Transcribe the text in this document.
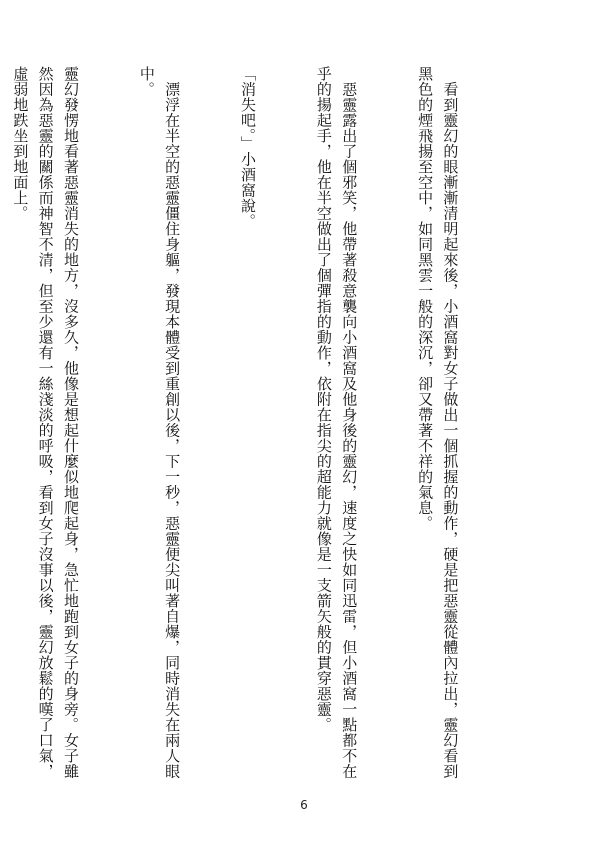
　看到靈幻的眼漸漸清明起來後，小酒窩對女子做出一個抓握的動作，硬是把惡靈從體內拉出，靈幻看到黑色的煙飛揚至空中，如同黑雲一般的深沉，卻又帶著不祥的氣息。

　惡靈露出了個邪笑，他帶著殺意襲向小酒窩及他身後的靈幻，速度之快如同迅雷，但小酒窩一點都不在乎的揚起手，他在半空做出了個彈指的動作，依附在指尖的超能力就像是一支箭矢般的貫穿惡靈。

「消失吧。」小酒窩說。

　漂浮在半空的惡靈僵住身軀，發現本體受到重創以後，下一秒，惡靈便尖叫著自爆，同時消失在兩人眼中。

靈幻發愣地看著惡靈消失的地方，沒多久，他像是想起什麼似地爬起身，急忙地跑到女子的身旁。女子雖然因為惡靈的關係而神智不清，但至少還有一絲淺淡的呼吸，看到女子沒事以後，靈幻放鬆的嘆了口氣，虛弱地跌坐到地面上。

6
